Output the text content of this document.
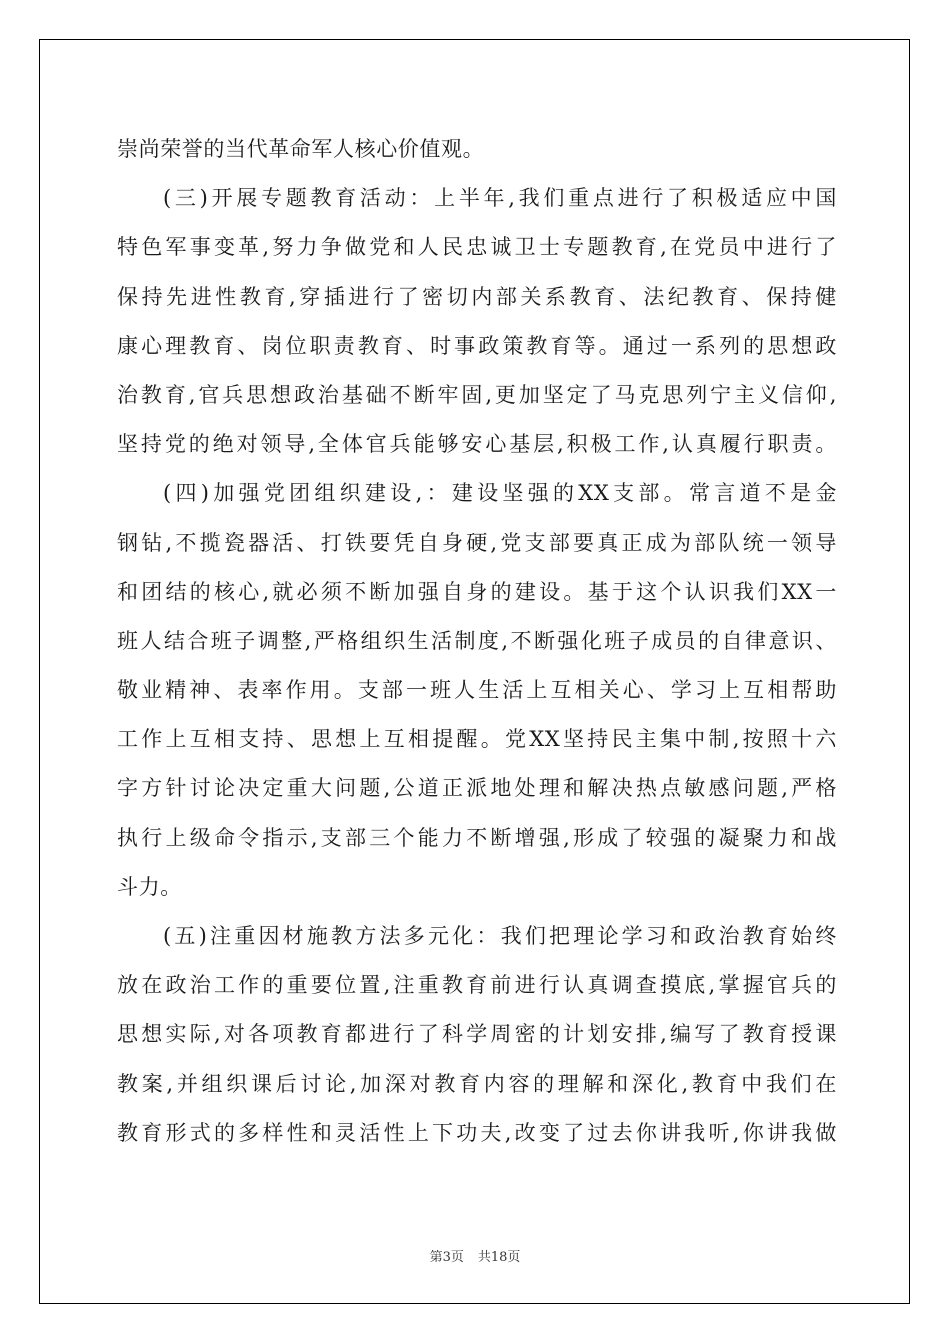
崇尚荣誉的当代革命军人核心价值观。
(三)开展专题教育活动：上半年,我们重点进行了积极适应中国
特色军事变革,努力争做党和人民忠诚卫士专题教育,在党员中进行了
保持先进性教育,穿插进行了密切内部关系教育、法纪教育、保持健
康心理教育、岗位职责教育、时事政策教育等。通过一系列的思想政
治教育,官兵思想政治基础不断牢固,更加坚定了马克思列宁主义信仰,
坚持党的绝对领导,全体官兵能够安心基层,积极工作,认真履行职责。
(四)加强党团组织建设,：建设坚强的XX支部。常言道不是金
钢钻,不揽瓷器活、打铁要凭自身硬,党支部要真正成为部队统一领导
和团结的核心,就必须不断加强自身的建设。基于这个认识我们XX一
班人结合班子调整,严格组织生活制度,不断强化班子成员的自律意识、
敬业精神、表率作用。支部一班人生活上互相关心、学习上互相帮助
工作上互相支持、思想上互相提醒。党XX坚持民主集中制,按照十六
字方针讨论决定重大问题,公道正派地处理和解决热点敏感问题,严格
执行上级命令指示,支部三个能力不断增强,形成了较强的凝聚力和战
斗力。
(五)注重因材施教方法多元化：我们把理论学习和政治教育始终
放在政治工作的重要位置,注重教育前进行认真调查摸底,掌握官兵的
思想实际,对各项教育都进行了科学周密的计划安排,编写了教育授课
教案,并组织课后讨论,加深对教育内容的理解和深化,教育中我们在
教育形式的多样性和灵活性上下功夫,改变了过去你讲我听,你讲我做
第3页 共18页
